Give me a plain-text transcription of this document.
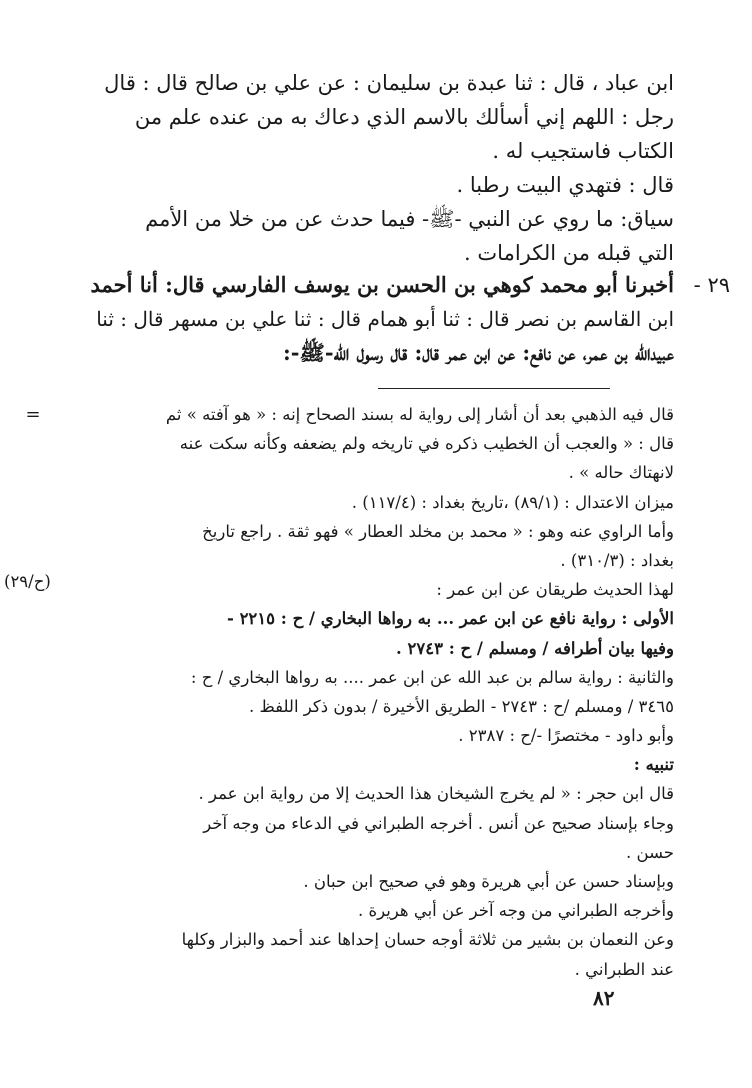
ابن عباد ، قال : ثنا عبدة بن سليمان : عن علي بن صالح قال : قال
رجل : اللهم إني أسألك بالاسم الذي دعاك به من عنده علم من
الكتاب فاستجيب له .
قال : فتهدي البيت رطبا .
سياق: ما روي عن النبي -ﷺ- فيما حدث عن من خلا من الأمم
التي قبله من الكرامات .
٢٩ -
أخبرنا أبو محمد كوهي بن الحسن بن يوسف الفارسي قال: أنا أحمد
ابن القاسم بن نصر قال : ثنا أبو همام قال : ثنا علي بن مسهر قال : ثنا
عبيدالله بن عمر، عن نافع: عن ابن عمر قال: قال رسول الله-ﷺ-:
=
(ح/٢٩)
قال فيه الذهبي بعد أن أشار إلى رواية له بسند الصحاح إنه : « هو آفته » ثم
قال : « والعجب أن الخطيب ذكره في تاريخه ولم يضعفه وكأنه سكت عنه
لانهتاك حاله » .
ميزان الاعتدال : (٨٩/١) ،تاريخ بغداد : (١١٧/٤) .
وأما الراوي عنه وهو : « محمد بن مخلد العطار » فهو ثقة . راجع تاريخ
بغداد : (٣١٠/٣) .
لهذا الحديث طريقان عن ابن عمر :
الأولى : رواية نافع عن ابن عمر ... به رواها البخاري / ح : ٢٢١٥ -
وفيها بيان أطرافه / ومسلم / ح : ٢٧٤٣ .
والثانية : رواية سالم بن عبد الله عن ابن عمر .... به رواها البخاري / ح :
٣٤٦٥ / ومسلم /ح : ٢٧٤٣ - الطريق الأخيرة / بدون ذكر اللفظ .
وأبو داود - مختصرًا -/ح : ٢٣٨٧ .
تنبيه :
قال ابن حجر : « لم يخرج الشيخان هذا الحديث إلا من رواية ابن عمر .
وجاء بإسناد صحيح عن أنس . أخرجه الطبراني في الدعاء من وجه آخر
حسن .
وبإسناد حسن عن أبي هريرة وهو في صحيح ابن حبان .
وأخرجه الطبراني من وجه آخر عن أبي هريرة .
وعن النعمان بن بشير من ثلاثة أوجه حسان إحداها عند أحمد والبزار وكلها
عند الطبراني .
٨٢
